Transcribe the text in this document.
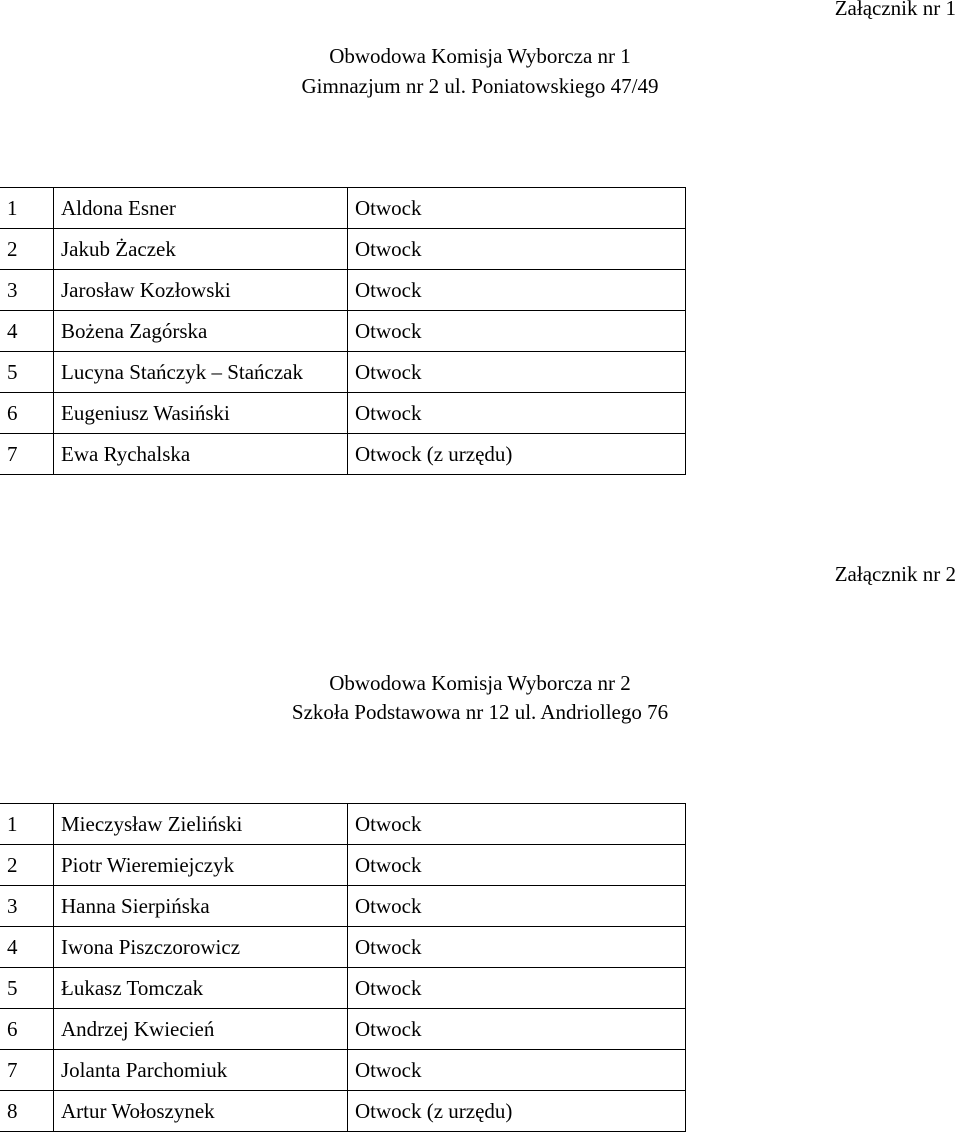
Załącznik nr 1
Obwodowa Komisja Wyborcza nr 1
Gimnazjum nr 2 ul. Poniatowskiego 47/49
1	Aldona Esner	Otwock
2	Jakub Żaczek	Otwock
3	Jarosław Kozłowski	Otwock
4	Bożena Zagórska	Otwock
5	Lucyna Stańczyk – Stańczak	Otwock
6	Eugeniusz Wasiński	Otwock
7	Ewa Rychalska	Otwock (z urzędu)
Załącznik nr 2
Obwodowa Komisja Wyborcza nr 2
Szkoła Podstawowa nr 12 ul. Andriollego 76
1	Mieczysław Zieliński	Otwock
2	Piotr Wieremiejczyk	Otwock
3	Hanna Sierpińska	Otwock
4	Iwona Piszczorowicz	Otwock
5	Łukasz Tomczak	Otwock
6	Andrzej Kwiecień	Otwock
7	Jolanta Parchomiuk	Otwock
8	Artur Wołoszynek	Otwock (z urzędu)
